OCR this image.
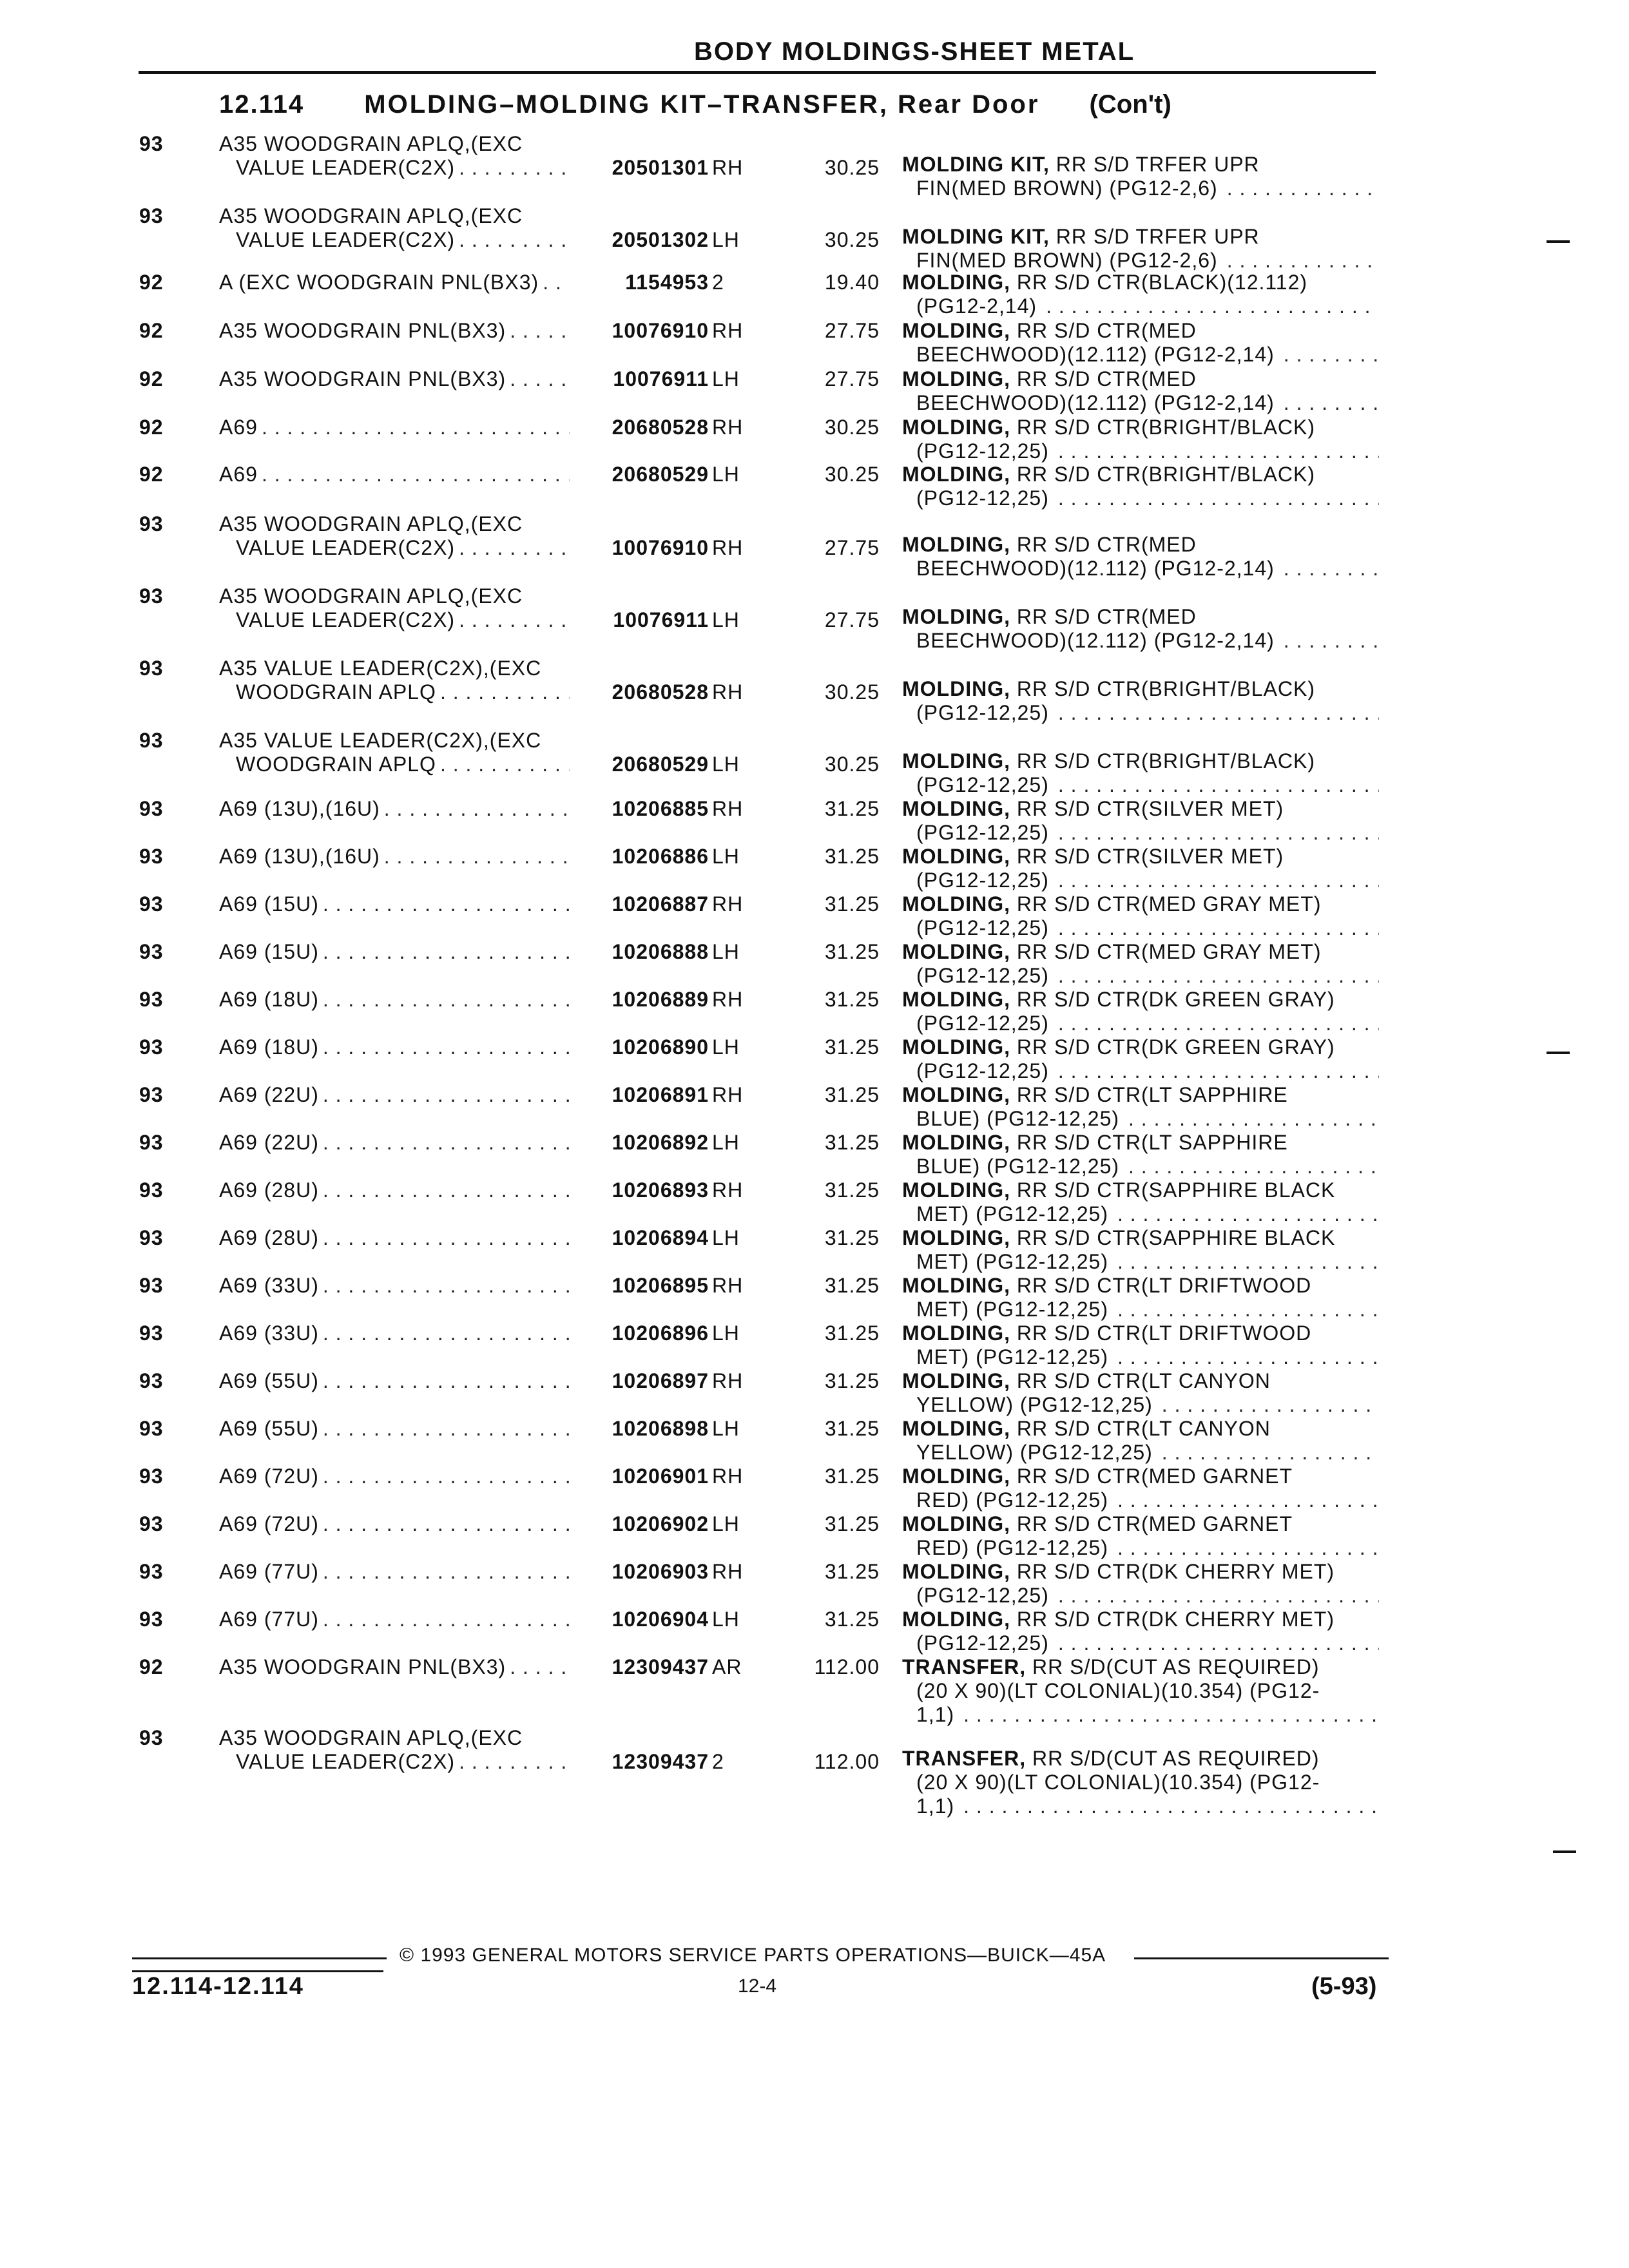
BODY MOLDINGS-SHEET METAL
12.114 MOLDING–MOLDING KIT–TRANSFER, Rear Door (Con't)
93	A35 WOODGRAIN APLQ,(EXC
VALUE LEADER(C2X) . . .	20501301 RH	30.25 MOLDING KIT, RR S/D TRFER UPR
FIN(MED BROWN) (PG12-2,6)
. . .
93	A35 WOODGRAIN APLQ,(EXC
VALUE LEADER(C2X) . . .	20501302 LH	30.25 MOLDING KIT, RR S/D TRFER UPR
FIN(MED BROWN) (PG12-2,6)
. . .
92	A (EXC WOODGRAIN PNL(BX3) . . .	1154953 2	19.40 MOLDING, RR S/D CTR(BLACK)(12.112)
(PG12-2,14)
. . .
92	A35 WOODGRAIN PNL(BX3) . . .	10076910 RH	27.75 MOLDING, RR S/D CTR(MED
BEECHWOOD)(12.112) (PG12-2,14)
. . .
92	A35 WOODGRAIN PNL(BX3) . . .	10076911 LH	27.75 MOLDING, RR S/D CTR(MED
BEECHWOOD)(12.112) (PG12-2,14)
. . .
92	A69 . . .	20680528 RH	30.25 MOLDING, RR S/D CTR(BRIGHT/BLACK)
(PG12-12,25)
. . .
92	A69 . . .	20680529 LH	30.25 MOLDING, RR S/D CTR(BRIGHT/BLACK)
(PG12-12,25)
. . .
93	A35 WOODGRAIN APLQ,(EXC
VALUE LEADER(C2X) . . .	10076910 RH	27.75 MOLDING, RR S/D CTR(MED
BEECHWOOD)(12.112) (PG12-2,14)
. . .
93	A35 WOODGRAIN APLQ,(EXC
VALUE LEADER(C2X) . . .	10076911 LH	27.75 MOLDING, RR S/D CTR(MED
BEECHWOOD)(12.112) (PG12-2,14)
. . .
93	A35 VALUE LEADER(C2X),(EXC
WOODGRAIN APLQ . . .	20680528 RH	30.25 MOLDING, RR S/D CTR(BRIGHT/BLACK)
(PG12-12,25)
. . .
93	A35 VALUE LEADER(C2X),(EXC
WOODGRAIN APLQ . . .	20680529 LH	30.25 MOLDING, RR S/D CTR(BRIGHT/BLACK)
(PG12-12,25)
. . .
93	A69 (13U),(16U) . . .	10206885 RH	31.25 MOLDING, RR S/D CTR(SILVER MET)
(PG12-12,25)
. . .
93	A69 (13U),(16U) . . .	10206886 LH	31.25 MOLDING, RR S/D CTR(SILVER MET)
(PG12-12,25)
. . .
93	A69 (15U) . . .	10206887 RH	31.25 MOLDING, RR S/D CTR(MED GRAY MET)
(PG12-12,25)
. . .
93	A69 (15U) . . .	10206888 LH	31.25 MOLDING, RR S/D CTR(MED GRAY MET)
(PG12-12,25)
. . .
93	A69 (18U) . . .	10206889 RH	31.25 MOLDING, RR S/D CTR(DK GREEN GRAY)
(PG12-12,25)
. . .
93	A69 (18U) . . .	10206890 LH	31.25 MOLDING, RR S/D CTR(DK GREEN GRAY)
(PG12-12,25)
. . .
93	A69 (22U) . . .	10206891 RH	31.25 MOLDING, RR S/D CTR(LT SAPPHIRE
BLUE) (PG12-12,25)
. . .
93	A69 (22U) . . .	10206892 LH	31.25 MOLDING, RR S/D CTR(LT SAPPHIRE
BLUE) (PG12-12,25)
. . .
93	A69 (28U) . . .	10206893 RH	31.25 MOLDING, RR S/D CTR(SAPPHIRE BLACK
MET) (PG12-12,25)
. . .
93	A69 (28U) . . .	10206894 LH	31.25 MOLDING, RR S/D CTR(SAPPHIRE BLACK
MET) (PG12-12,25)
. . .
93	A69 (33U) . . .	10206895 RH	31.25 MOLDING, RR S/D CTR(LT DRIFTWOOD
MET) (PG12-12,25)
. . .
93	A69 (33U) . . .	10206896 LH	31.25 MOLDING, RR S/D CTR(LT DRIFTWOOD
MET) (PG12-12,25)
. . .
93	A69 (55U) . . .	10206897 RH	31.25 MOLDING, RR S/D CTR(LT CANYON
YELLOW) (PG12-12,25)
. . .
93	A69 (55U) . . .	10206898 LH	31.25 MOLDING, RR S/D CTR(LT CANYON
YELLOW) (PG12-12,25)
. . .
93	A69 (72U) . . .	10206901 RH	31.25 MOLDING, RR S/D CTR(MED GARNET
RED) (PG12-12,25)
. . .
93	A69 (72U) . . .	10206902 LH	31.25 MOLDING, RR S/D CTR(MED GARNET
RED) (PG12-12,25)
. . .
93	A69 (77U) . . .	10206903 RH	31.25 MOLDING, RR S/D CTR(DK CHERRY MET)
(PG12-12,25)
. . .
93	A69 (77U) . . .	10206904 LH	31.25 MOLDING, RR S/D CTR(DK CHERRY MET)
(PG12-12,25)
. . .
92	A35 WOODGRAIN PNL(BX3) . . .	12309437 AR	112.00 TRANSFER, RR S/D(CUT AS REQUIRED)
(20 X 90)(LT COLONIAL)(10.354) (PG12-
1,1)
. . .
93	A35 WOODGRAIN APLQ,(EXC
VALUE LEADER(C2X) . . .	12309437 2	112.00 TRANSFER, RR S/D(CUT AS REQUIRED)
(20 X 90)(LT COLONIAL)(10.354) (PG12-
1,1)
. . .
© 1993 GENERAL MOTORS SERVICE PARTS OPERATIONS—BUICK—45A
12.114-12.114	12-4	(5-93)
